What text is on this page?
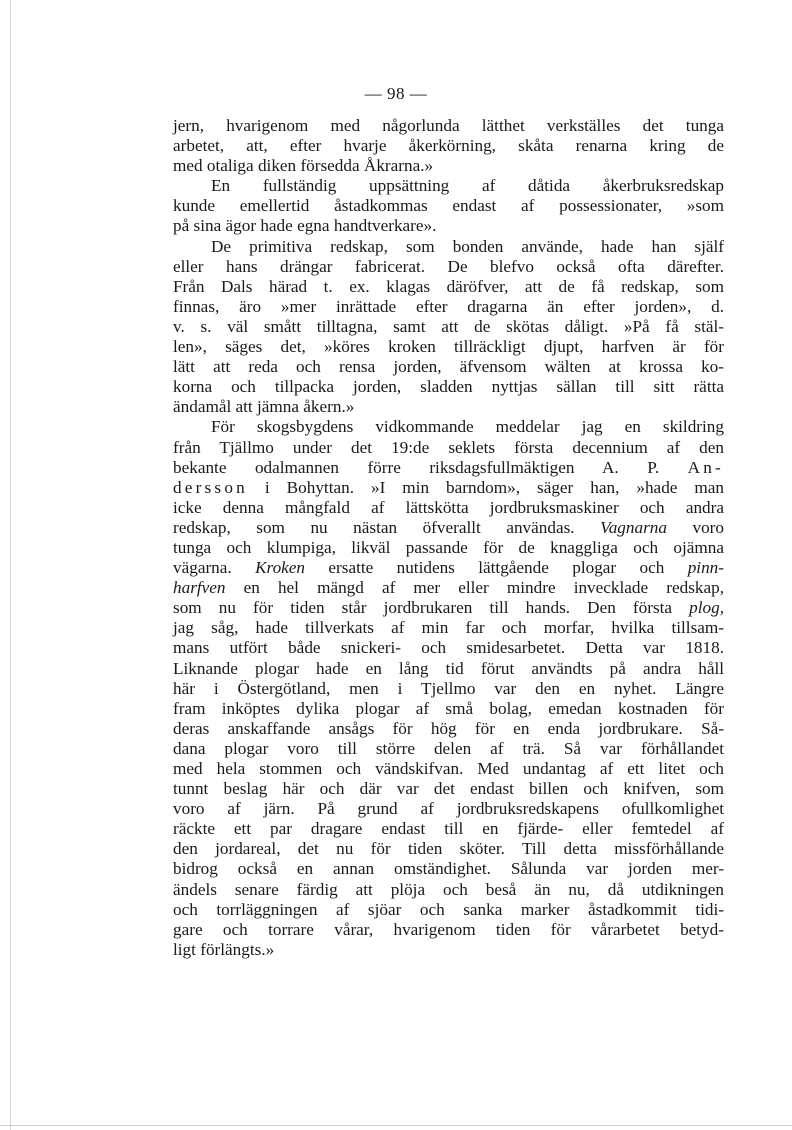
— 98 —
jern, hvarigenom med någorlunda lätthet verkställes det tunga
arbetet, att, efter hvarje åkerkörning, skåta renarna kring de
med otaliga diken försedda Åkrarna.»
En fullständig uppsättning af dåtida åkerbruksredskap
kunde emellertid åstadkommas endast af possessionater, »som
på sina ägor hade egna handtverkare».
De primitiva redskap, som bonden använde, hade han själf
eller hans drängar fabricerat. De blefvo också ofta därefter.
Från Dals härad t. ex. klagas däröfver, att de få redskap, som
finnas, äro »mer inrättade efter dragarna än efter jorden», d.
v. s. väl smått tilltagna, samt att de skötas dåligt. »På få stäl-
len», säges det, »köres kroken tillräckligt djupt, harfven är för
lätt att reda och rensa jorden, äfvensom wälten at krossa ko-
korna och tillpacka jorden, sladden nyttjas sällan till sitt rätta
ändamål att jämna åkern.»
För skogsbygdens vidkommande meddelar jag en skildring
från Tjällmo under det 19:de seklets första decennium af den
bekante odalmannen förre riksdagsfullmäktigen A. P. An-
dersson i Bohyttan. »I min barndom», säger han, »hade man
icke denna mångfald af lättskötta jordbruksmaskiner och andra
redskap, som nu nästan öfverallt användas. Vagnarna voro
tunga och klumpiga, likväl passande för de knaggliga och ojämna
vägarna. Kroken ersatte nutidens lättgående plogar och pinn-
harfven en hel mängd af mer eller mindre invecklade redskap,
som nu för tiden står jordbrukaren till hands. Den första plog,
jag såg, hade tillverkats af min far och morfar, hvilka tillsam-
mans utfört både snickeri- och smidesarbetet. Detta var 1818.
Liknande plogar hade en lång tid förut användts på andra håll
här i Östergötland, men i Tjellmo var den en nyhet. Längre
fram inköptes dylika plogar af små bolag, emedan kostnaden för
deras anskaffande ansågs för hög för en enda jordbrukare. Så-
dana plogar voro till större delen af trä. Så var förhållandet
med hela stommen och vändskifvan. Med undantag af ett litet och
tunnt beslag här och där var det endast billen och knifven, som
voro af järn. På grund af jordbruksredskapens ofullkomlighet
räckte ett par dragare endast till en fjärde- eller femtedel af
den jordareal, det nu för tiden sköter. Till detta missförhållande
bidrog också en annan omständighet. Sålunda var jorden mer-
ändels senare färdig att plöja och beså än nu, då utdikningen
och torrläggningen af sjöar och sanka marker åstadkommit tidi-
gare och torrare vårar, hvarigenom tiden för vårarbetet betyd-
ligt förlängts.»
